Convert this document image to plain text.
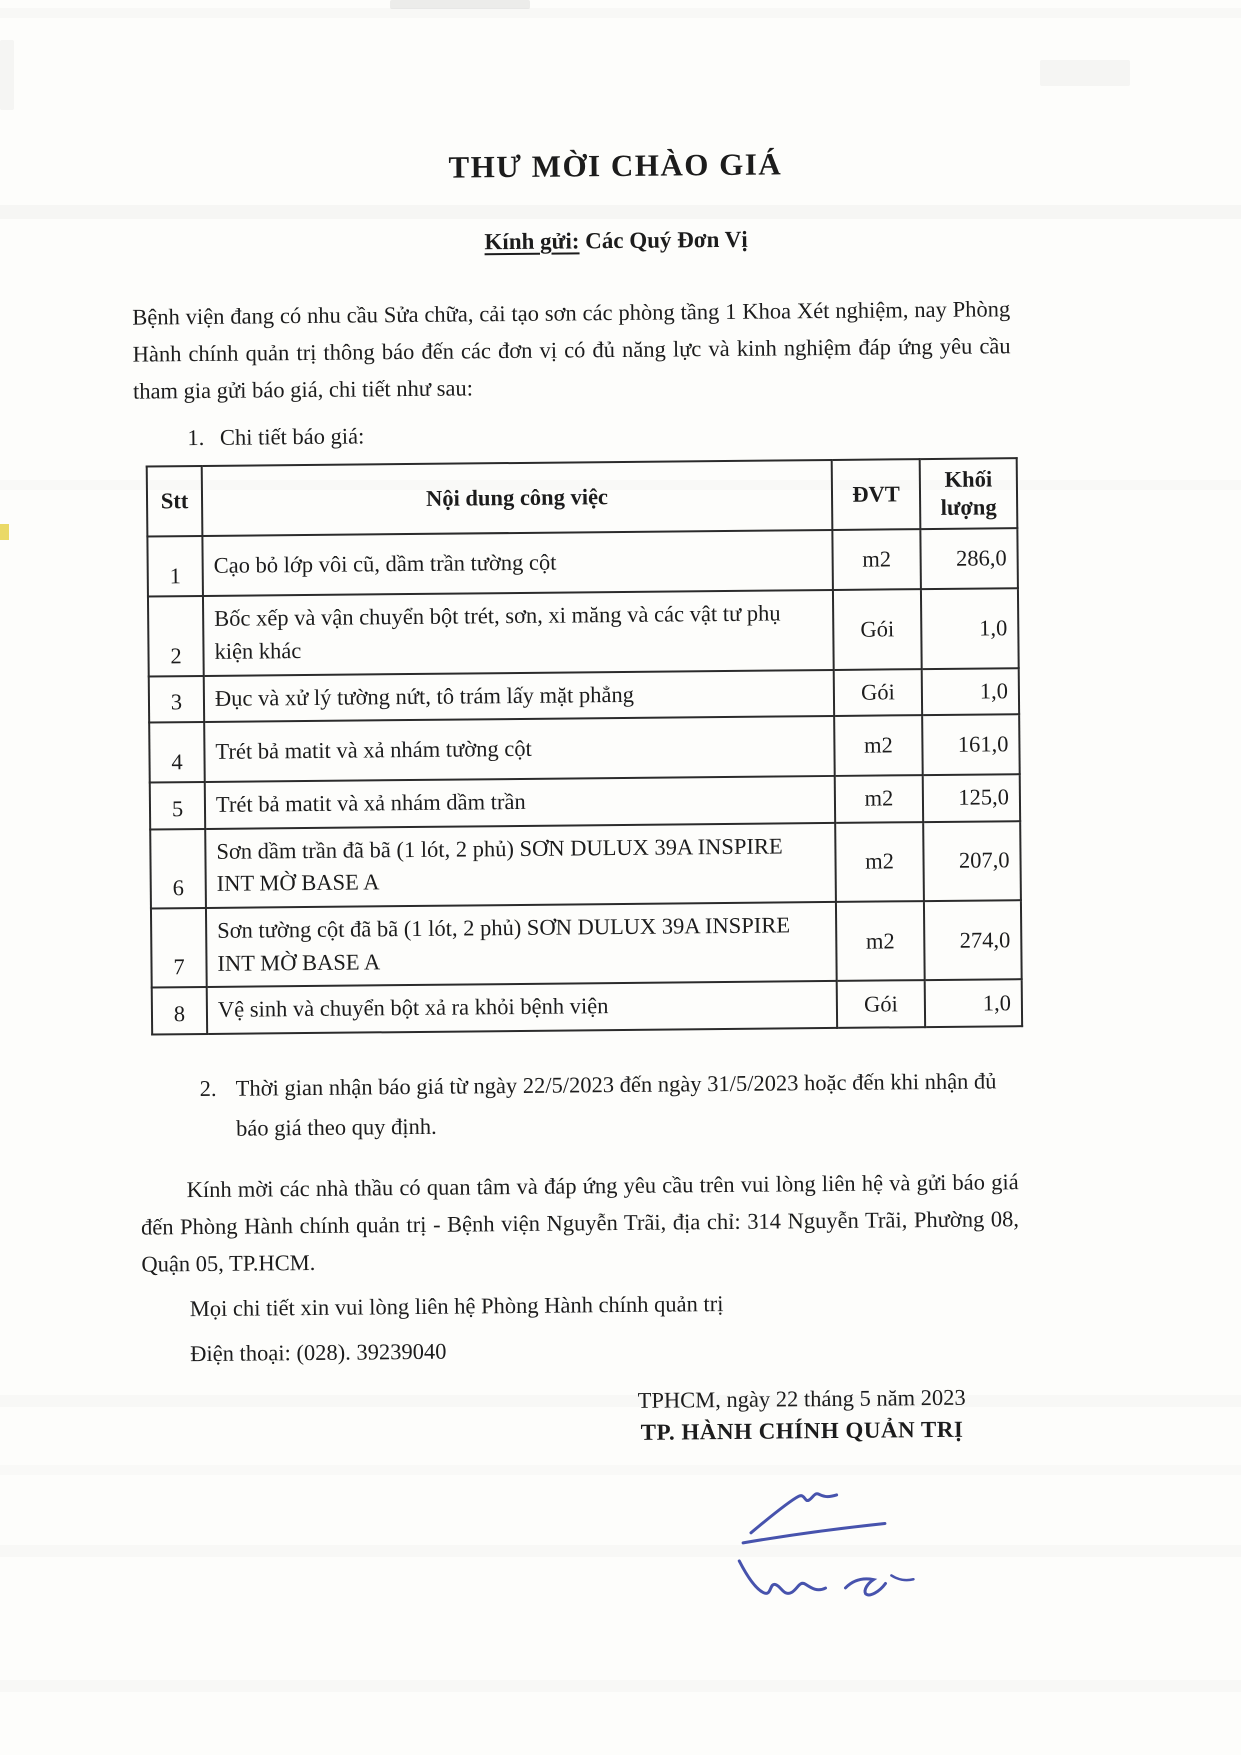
THƯ MỜI CHÀO GIÁ
Kính gửi: Các Quý Đơn Vị

Bệnh viện đang có nhu cầu Sửa chữa, cải tạo sơn các phòng tầng 1 Khoa Xét nghiệm, nay Phòng Hành chính quản trị thông báo đến các đơn vị có đủ năng lực và kinh nghiệm đáp ứng yêu cầu tham gia gửi báo giá, chi tiết như sau:

1. Chi tiết báo giá:
Stt	Nội dung công việc	ĐVT	Khối lượng
1	Cạo bỏ lớp vôi cũ, dầm trần tường cột	m2	286,0
2	Bốc xếp và vận chuyển bột trét, sơn, xi măng và các vật tư phụ kiện khác	Gói	1,0
3	Đục và xử lý tường nứt, tô trám lấy mặt phẳng	Gói	1,0
4	Trét bả matit và xả nhám tường cột	m2	161,0
5	Trét bả matit và xả nhám dầm trần	m2	125,0
6	Sơn dầm trần đã bã (1 lót, 2 phủ) SƠN DULUX 39A INSPIRE INT MỜ BASE A	m2	207,0
7	Sơn tường cột đã bã (1 lót, 2 phủ) SƠN DULUX 39A INSPIRE INT MỜ BASE A	m2	274,0
8	Vệ sinh và chuyển bột xả ra khỏi bệnh viện	Gói	1,0
2. Thời gian nhận báo giá từ ngày 22/5/2023 đến ngày 31/5/2023 hoặc đến khi nhận đủ báo giá theo quy định.

Kính mời các nhà thầu có quan tâm và đáp ứng yêu cầu trên vui lòng liên hệ và gửi báo giá đến Phòng Hành chính quản trị - Bệnh viện Nguyễn Trãi, địa chỉ: 314 Nguyễn Trãi, Phường 08, Quận 05, TP.HCM.

Mọi chi tiết xin vui lòng liên hệ Phòng Hành chính quản trị

Điện thoại: (028). 39239040

TPHCM, ngày 22 tháng 5 năm 2023
TP. HÀNH CHÍNH QUẢN TRỊ
